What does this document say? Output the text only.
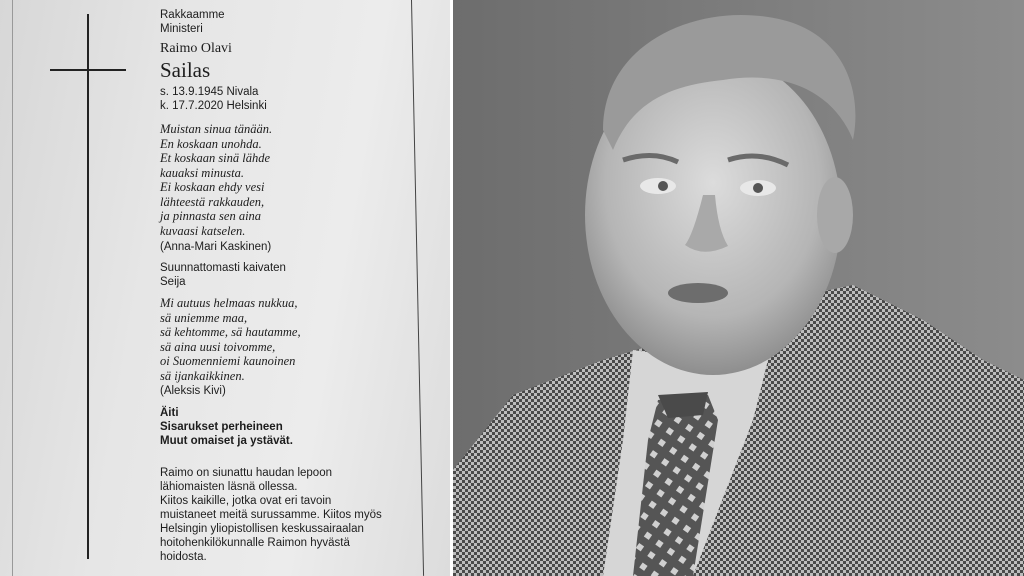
Rakkaamme
Ministeri
Raimo Olavi
Sailas
s. 13.9.1945 Nivala
k. 17.7.2020 Helsinki
Muistan sinua tänään.
En koskaan unohda.
Et koskaan sinä lähde
kauaksi minusta.
Ei koskaan ehdy vesi
lähteestä rakkauden,
ja pinnasta sen aina
kuvaasi katselen.
(Anna-Mari Kaskinen)
Suunnattomasti kaivaten
Seija
Mi autuus helmaas nukkua,
sä uniemme maa,
sä kehtomme, sä hautamme,
sä aina uusi toivomme,
oi Suomenniemi kaunoinen
sä ijankaikkinen.
(Aleksis Kivi)
Äiti
Sisarukset perheineen
Muut omaiset ja ystävät.
Raimo on siunattu haudan lepoon
lähiomaisten läsnä ollessa.
Kiitos kaikille, jotka ovat eri tavoin
muistaneet meitä surussamme. Kiitos myös
Helsingin yliopistollisen keskussairaalan
hoitohenkilökunnalle Raimon hyvästä
hoidosta.
